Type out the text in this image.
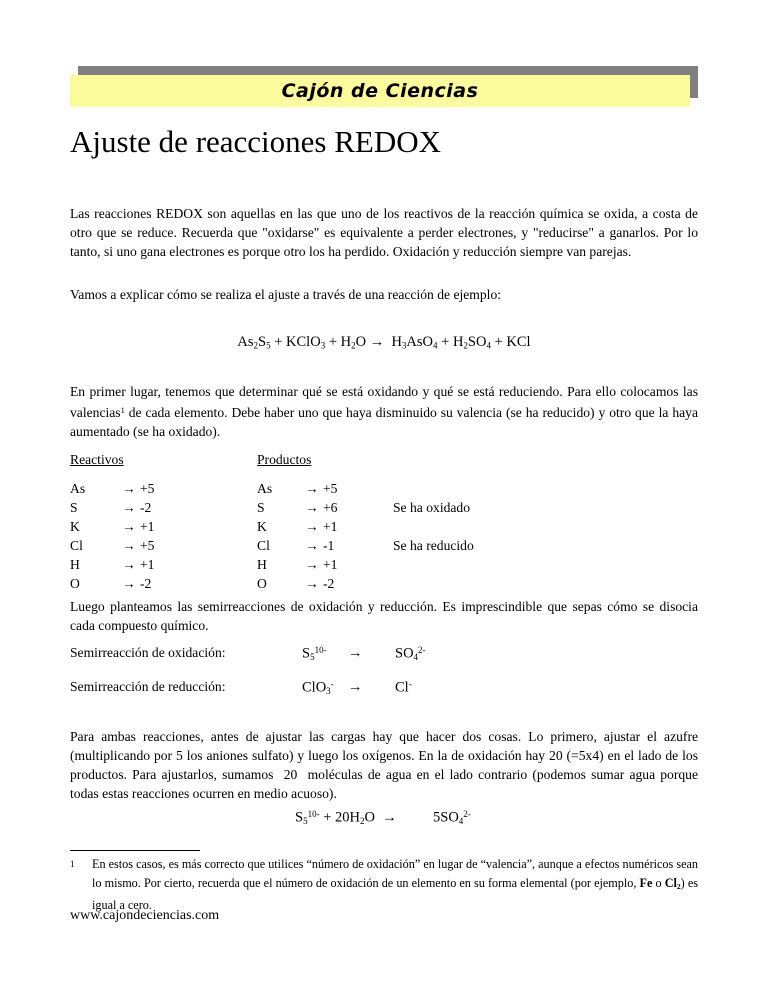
Cajón de Ciencias
Ajuste de reacciones REDOX

Las reacciones REDOX son aquellas en las que uno de los reactivos de la reacción química se oxida, a costa de otro que se reduce. Recuerda que "oxidarse" es equivalente a perder electrones, y "reducirse" a ganarlos. Por lo tanto, si uno gana electrones es porque otro los ha perdido. Oxidación y reducción siempre van parejas.

Vamos a explicar cómo se realiza el ajuste a través de una reacción de ejemplo:

$As_2S_5$ + KClO$_3$ + $H_2O \to H_3AsO_4 + H_2SO_4$ + KCl

En primer lugar, tenemos que determinar qué se está oxidando y qué se está reduciendo. Para ello colocamos las valencias$^1$ de cada elemento. Debe haber uno que haya disminuido su valencia (se ha reducido) y otro que la haya aumentado (se ha oxidado).

Reactivos	Productos
As	→ +5	As → +5
S	→ -2	S	→ +6	Se ha oxidado
K	→ +1	K	→ +1
Cl	→ +5	Cl	→ -1	Se ha reducido
H	→ +1	H	→ +1
O	→ -2	O	→ -2

Luego planteamos las semirreacciones de oxidación y reducción. Es imprescindible que sepas cómo se disocia cada compuesto químico.

Semirreacción de oxidación:	$S_5^{10-} \to SO_4^{2-}$
Semirreacción de reducción:	ClO$_3$- → Cl-

Para ambas reacciones, antes de ajustar las cargas hay que hacer dos cosas. Lo primero, ajustar el azufre (multiplicando por 5 los aniones sulfato) y luego los oxígenos. En la de oxidación hay 20 (=5x4) en el lado de los productos. Para ajustarlos, sumamos  20  moléculas de agua en el lado contrario (podemos sumar agua porque todas estas reacciones ocurren en medio acuoso).

$S_5^{10-} + 20H_2O$  →	$5SO_4^{2-}$
1 En estos casos, es más correcto que utilices “número de oxidación” en lugar de “valencia”, aunque a efectos numéricos sean lo mismo. Por cierto, recuerda que el número de oxidación de un elemento en su forma elemental (por ejemplo, Fe o $Cl_2$) es igual a cero.
www.cajondeciencias.com
